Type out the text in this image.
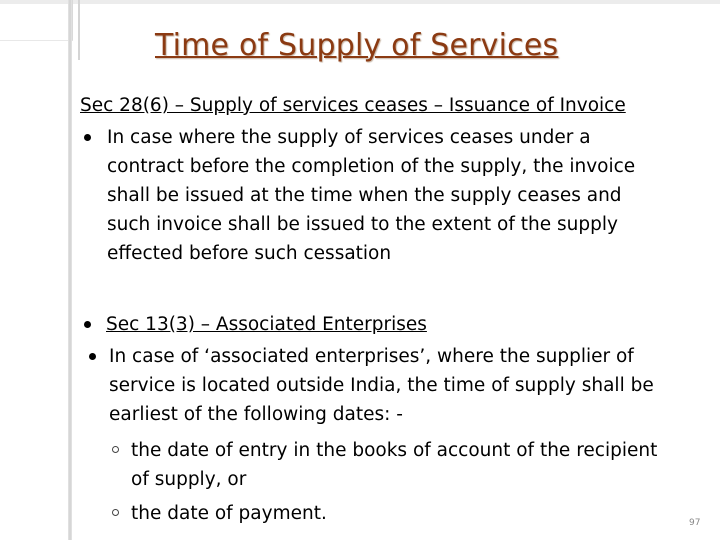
Time of Supply of Services
Sec 28(6) – Supply of services ceases – Issuance of Invoice
In case where the supply of services ceases under a
contract before the completion of the supply, the invoice
shall be issued at the time when the supply ceases and
such invoice shall be issued to the extent of the supply
effected before such cessation
Sec 13(3) – Associated Enterprises
In case of ‘associated enterprises’, where the supplier of
service is located outside India, the time of supply shall be
earliest of the following dates: -
the date of entry in the books of account of the recipient
of supply, or
the date of payment.	97
